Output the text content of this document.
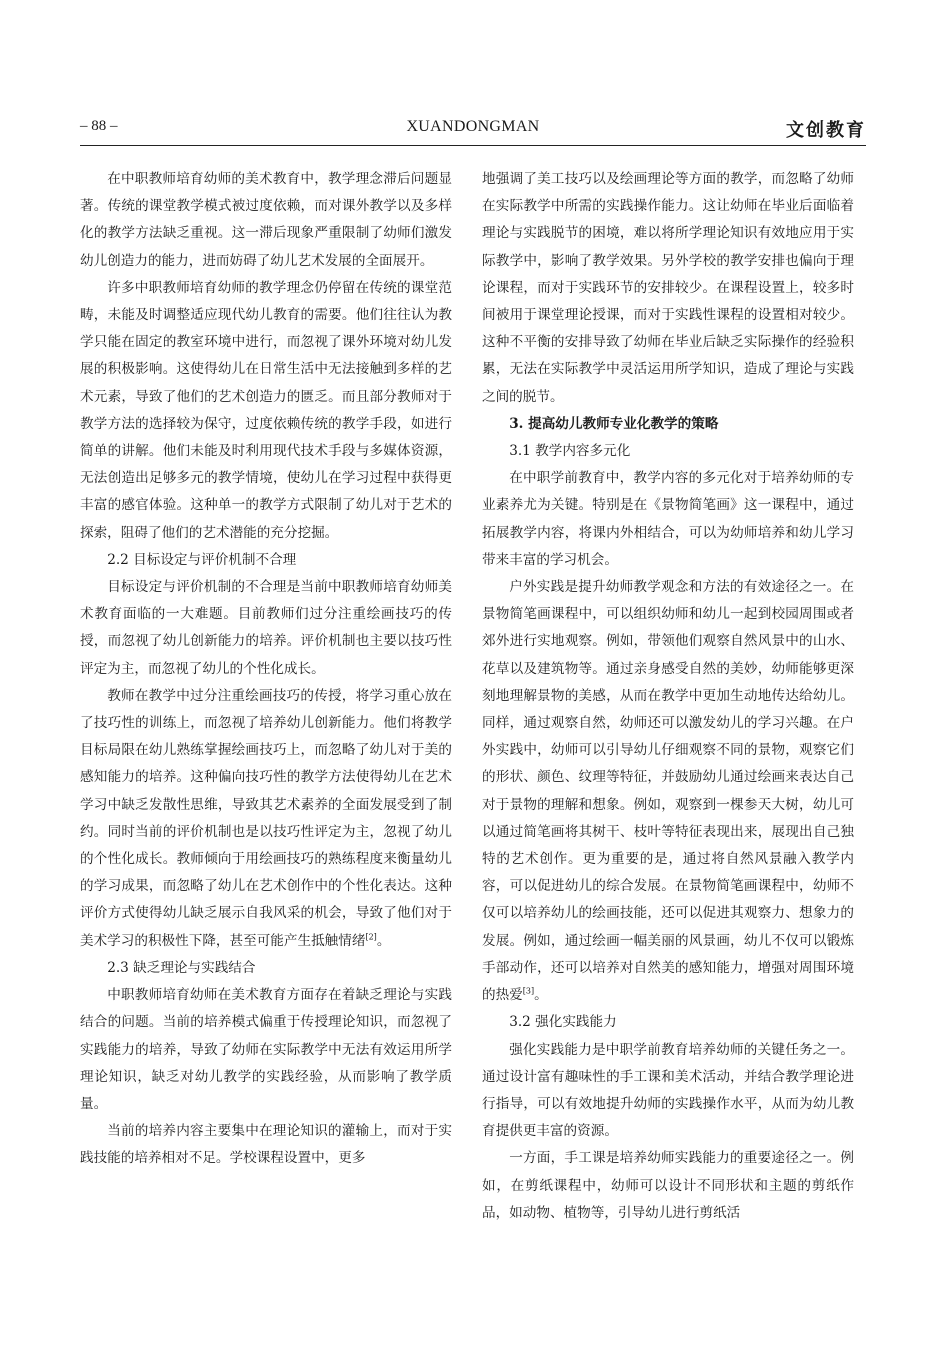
– 88 –	XUANDONGMAN	文创教育

在中职教师培育幼师的美术教育中，教学理念滞后问题显著。传统的课堂教学模式被过度依赖，而对课外教学以及多样化的教学方法缺乏重视。这一滞后现象严重限制了幼师们激发幼儿创造力的能力，进而妨碍了幼儿艺术发展的全面展开。

许多中职教师培育幼师的教学理念仍停留在传统的课堂范畴，未能及时调整适应现代幼儿教育的需要。他们往往认为教学只能在固定的教室环境中进行，而忽视了课外环境对幼儿发展的积极影响。这使得幼儿在日常生活中无法接触到多样的艺术元素，导致了他们的艺术创造力的匮乏。而且部分教师对于教学方法的选择较为保守，过度依赖传统的教学手段，如进行简单的讲解。他们未能及时利用现代技术手段与多媒体资源，无法创造出足够多元的教学情境，使幼儿在学习过程中获得更丰富的感官体验。这种单一的教学方式限制了幼儿对于艺术的探索，阻碍了他们的艺术潜能的充分挖掘。

2.2 目标设定与评价机制不合理

目标设定与评价机制的不合理是当前中职教师培育幼师美术教育面临的一大难题。目前教师们过分注重绘画技巧的传授，而忽视了幼儿创新能力的培养。评价机制也主要以技巧性评定为主，而忽视了幼儿的个性化成长。

教师在教学中过分注重绘画技巧的传授，将学习重心放在了技巧性的训练上，而忽视了培养幼儿创新能力。他们将教学目标局限在幼儿熟练掌握绘画技巧上，而忽略了幼儿对于美的感知能力的培养。这种偏向技巧性的教学方法使得幼儿在艺术学习中缺乏发散性思维，导致其艺术素养的全面发展受到了制约。同时当前的评价机制也是以技巧性评定为主，忽视了幼儿的个性化成长。教师倾向于用绘画技巧的熟练程度来衡量幼儿的学习成果，而忽略了幼儿在艺术创作中的个性化表达。这种评价方式使得幼儿缺乏展示自我风采的机会，导致了他们对于美术学习的积极性下降，甚至可能产生抵触情绪[2]。

2.3 缺乏理论与实践结合

中职教师培育幼师在美术教育方面存在着缺乏理论与实践结合的问题。当前的培养模式偏重于传授理论知识，而忽视了实践能力的培养，导致了幼师在实际教学中无法有效运用所学理论知识，缺乏对幼儿教学的实践经验，从而影响了教学质量。

当前的培养内容主要集中在理论知识的灌输上，而对于实践技能的培养相对不足。学校课程设置中，更多

地强调了美工技巧以及绘画理论等方面的教学，而忽略了幼师在实际教学中所需的实践操作能力。这让幼师在毕业后面临着理论与实践脱节的困境，难以将所学理论知识有效地应用于实际教学中，影响了教学效果。另外学校的教学安排也偏向于理论课程，而对于实践环节的安排较少。在课程设置上，较多时间被用于课堂理论授课，而对于实践性课程的设置相对较少。这种不平衡的安排导致了幼师在毕业后缺乏实际操作的经验积累，无法在实际教学中灵活运用所学知识，造成了理论与实践之间的脱节。

3. 提高幼儿教师专业化教学的策略

3.1 教学内容多元化

在中职学前教育中，教学内容的多元化对于培养幼师的专业素养尤为关键。特别是在《景物简笔画》这一课程中，通过拓展教学内容，将课内外相结合，可以为幼师培养和幼儿学习带来丰富的学习机会。

户外实践是提升幼师教学观念和方法的有效途径之一。在景物简笔画课程中，可以组织幼师和幼儿一起到校园周围或者郊外进行实地观察。例如，带领他们观察自然风景中的山水、花草以及建筑物等。通过亲身感受自然的美妙，幼师能够更深刻地理解景物的美感，从而在教学中更加生动地传达给幼儿。同样，通过观察自然，幼师还可以激发幼儿的学习兴趣。在户外实践中，幼师可以引导幼儿仔细观察不同的景物，观察它们的形状、颜色、纹理等特征，并鼓励幼儿通过绘画来表达自己对于景物的理解和想象。例如，观察到一棵参天大树，幼儿可以通过简笔画将其树干、枝叶等特征表现出来，展现出自己独特的艺术创作。更为重要的是，通过将自然风景融入教学内容，可以促进幼儿的综合发展。在景物简笔画课程中，幼师不仅可以培养幼儿的绘画技能，还可以促进其观察力、想象力的发展。例如，通过绘画一幅美丽的风景画，幼儿不仅可以锻炼手部动作，还可以培养对自然美的感知能力，增强对周围环境的热爱[3]。

3.2 强化实践能力

强化实践能力是中职学前教育培养幼师的关键任务之一。通过设计富有趣味性的手工课和美术活动，并结合教学理论进行指导，可以有效地提升幼师的实践操作水平，从而为幼儿教育提供更丰富的资源。

一方面，手工课是培养幼师实践能力的重要途径之一。例如，在剪纸课程中，幼师可以设计不同形状和主题的剪纸作品，如动物、植物等，引导幼儿进行剪纸活
